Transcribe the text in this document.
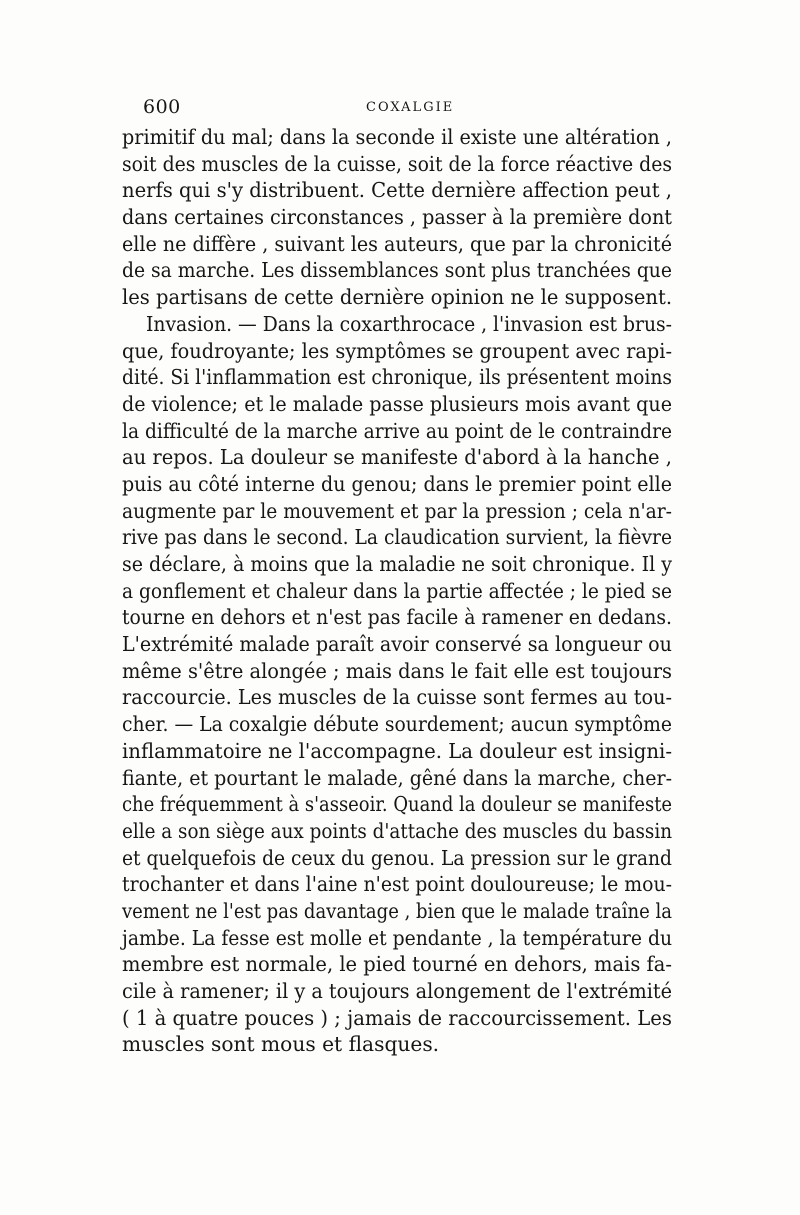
600	COXALGIE
primitif du mal; dans la seconde il existe une altération ,
soit des muscles de la cuisse, soit de la force réactive des
nerfs qui s'y distribuent. Cette dernière affection peut ,
dans certaines circonstances , passer à la première dont
elle ne diffère , suivant les auteurs, que par la chronicité
de sa marche. Les dissemblances sont plus tranchées que
les partisans de cette dernière opinion ne le supposent.
Invasion. — Dans la coxarthrocace , l'invasion est brus-
que, foudroyante; les symptômes se groupent avec rapi-
dité. Si l'inflammation est chronique, ils présentent moins
de violence; et le malade passe plusieurs mois avant que
la difficulté de la marche arrive au point de le contraindre
au repos. La douleur se manifeste d'abord à la hanche ,
puis au côté interne du genou; dans le premier point elle
augmente par le mouvement et par la pression ; cela n'ar-
rive pas dans le second. La claudication survient, la fièvre
se déclare, à moins que la maladie ne soit chronique. Il y
a gonflement et chaleur dans la partie affectée ; le pied se
tourne en dehors et n'est pas facile à ramener en dedans.
L'extrémité malade paraît avoir conservé sa longueur ou
même s'être alongée ; mais dans le fait elle est toujours
raccourcie. Les muscles de la cuisse sont fermes au tou-
cher. — La coxalgie débute sourdement; aucun symptôme
inflammatoire ne l'accompagne. La douleur est insigni-
fiante, et pourtant le malade, gêné dans la marche, cher-
che fréquemment à s'asseoir. Quand la douleur se manifeste
elle a son siège aux points d'attache des muscles du bassin
et quelquefois de ceux du genou. La pression sur le grand
trochanter et dans l'aine n'est point douloureuse; le mou-
vement ne l'est pas davantage , bien que le malade traîne la
jambe. La fesse est molle et pendante , la température du
membre est normale, le pied tourné en dehors, mais fa-
cile à ramener; il y a toujours alongement de l'extrémité
( 1 à quatre pouces ) ; jamais de raccourcissement. Les
muscles sont mous et flasques.
